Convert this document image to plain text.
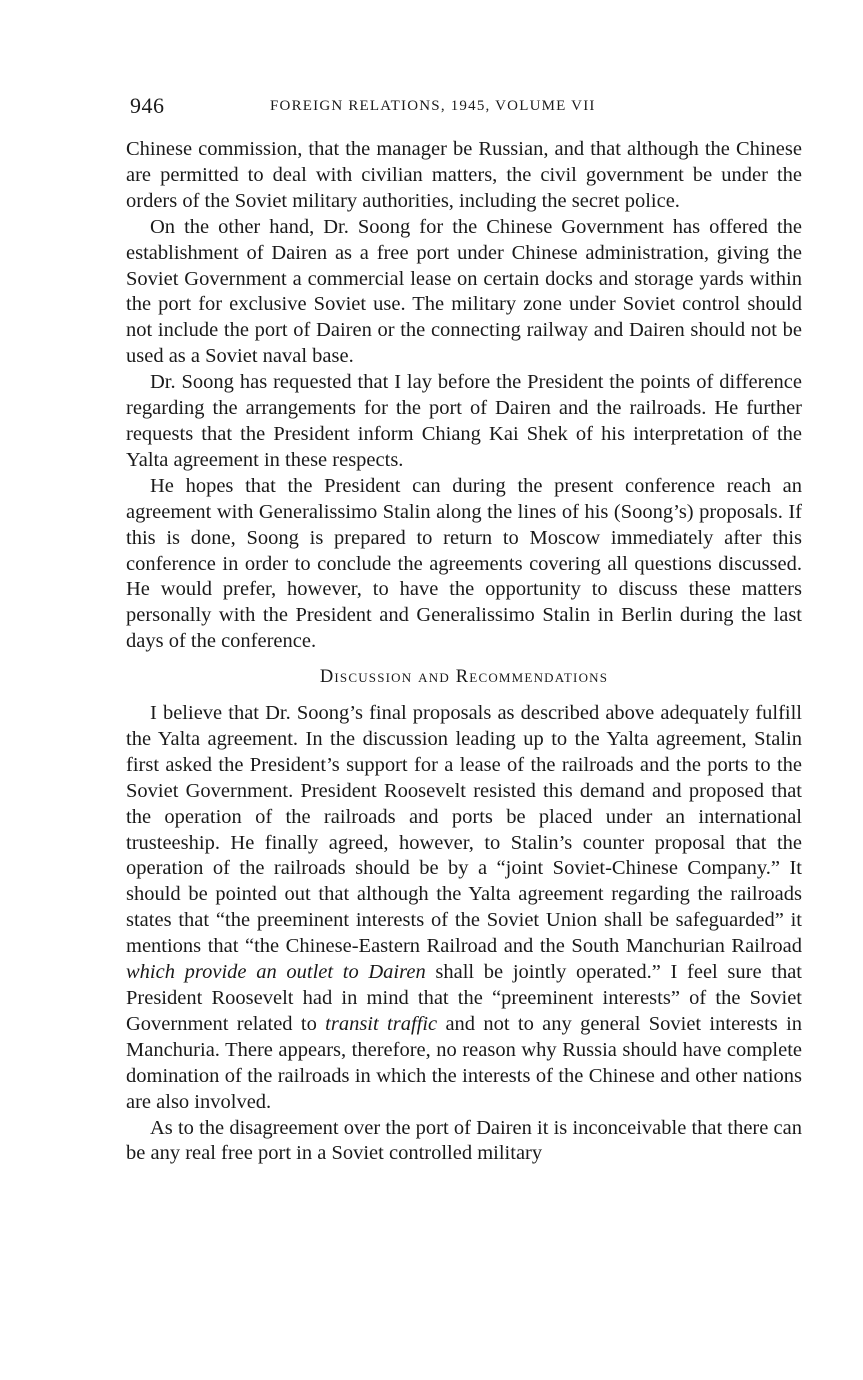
946	FOREIGN RELATIONS, 1945, VOLUME VII

Chinese commission, that the manager be Russian, and that although the Chinese are permitted to deal with civilian matters, the civil government be under the orders of the Soviet military authorities, including the secret police.

On the other hand, Dr. Soong for the Chinese Government has offered the establishment of Dairen as a free port under Chinese administration, giving the Soviet Government a commercial lease on certain docks and storage yards within the port for exclusive Soviet use. The military zone under Soviet control should not include the port of Dairen or the connecting railway and Dairen should not be used as a Soviet naval base.

Dr. Soong has requested that I lay before the President the points of difference regarding the arrangements for the port of Dairen and the railroads. He further requests that the President inform Chiang Kai Shek of his interpretation of the Yalta agreement in these respects.

He hopes that the President can during the present conference reach an agreement with Generalissimo Stalin along the lines of his (Soong’s) proposals. If this is done, Soong is prepared to return to Moscow immediately after this conference in order to conclude the agreements covering all questions discussed. He would prefer, however, to have the opportunity to discuss these matters personally with the President and Generalissimo Stalin in Berlin during the last days of the conference.

Discussion and Recommendations

I believe that Dr. Soong’s final proposals as described above adequately fulfill the Yalta agreement. In the discussion leading up to the Yalta agreement, Stalin first asked the President’s support for a lease of the railroads and the ports to the Soviet Government. President Roosevelt resisted this demand and proposed that the operation of the railroads and ports be placed under an international trusteeship. He finally agreed, however, to Stalin’s counter proposal that the operation of the railroads should be by a “joint Soviet-Chinese Company.” It should be pointed out that although the Yalta agreement regarding the railroads states that “the preeminent interests of the Soviet Union shall be safeguarded” it mentions that “the Chinese-Eastern Railroad and the South Manchurian Railroad which provide an outlet to Dairen shall be jointly operated.” I feel sure that President Roosevelt had in mind that the “preeminent interests” of the Soviet Government related to transit traffic and not to any general Soviet interests in Manchuria. There appears, therefore, no reason why Russia should have complete domination of the railroads in which the interests of the Chinese and other nations are also involved.

As to the disagreement over the port of Dairen it is inconceivable that there can be any real free port in a Soviet controlled military
